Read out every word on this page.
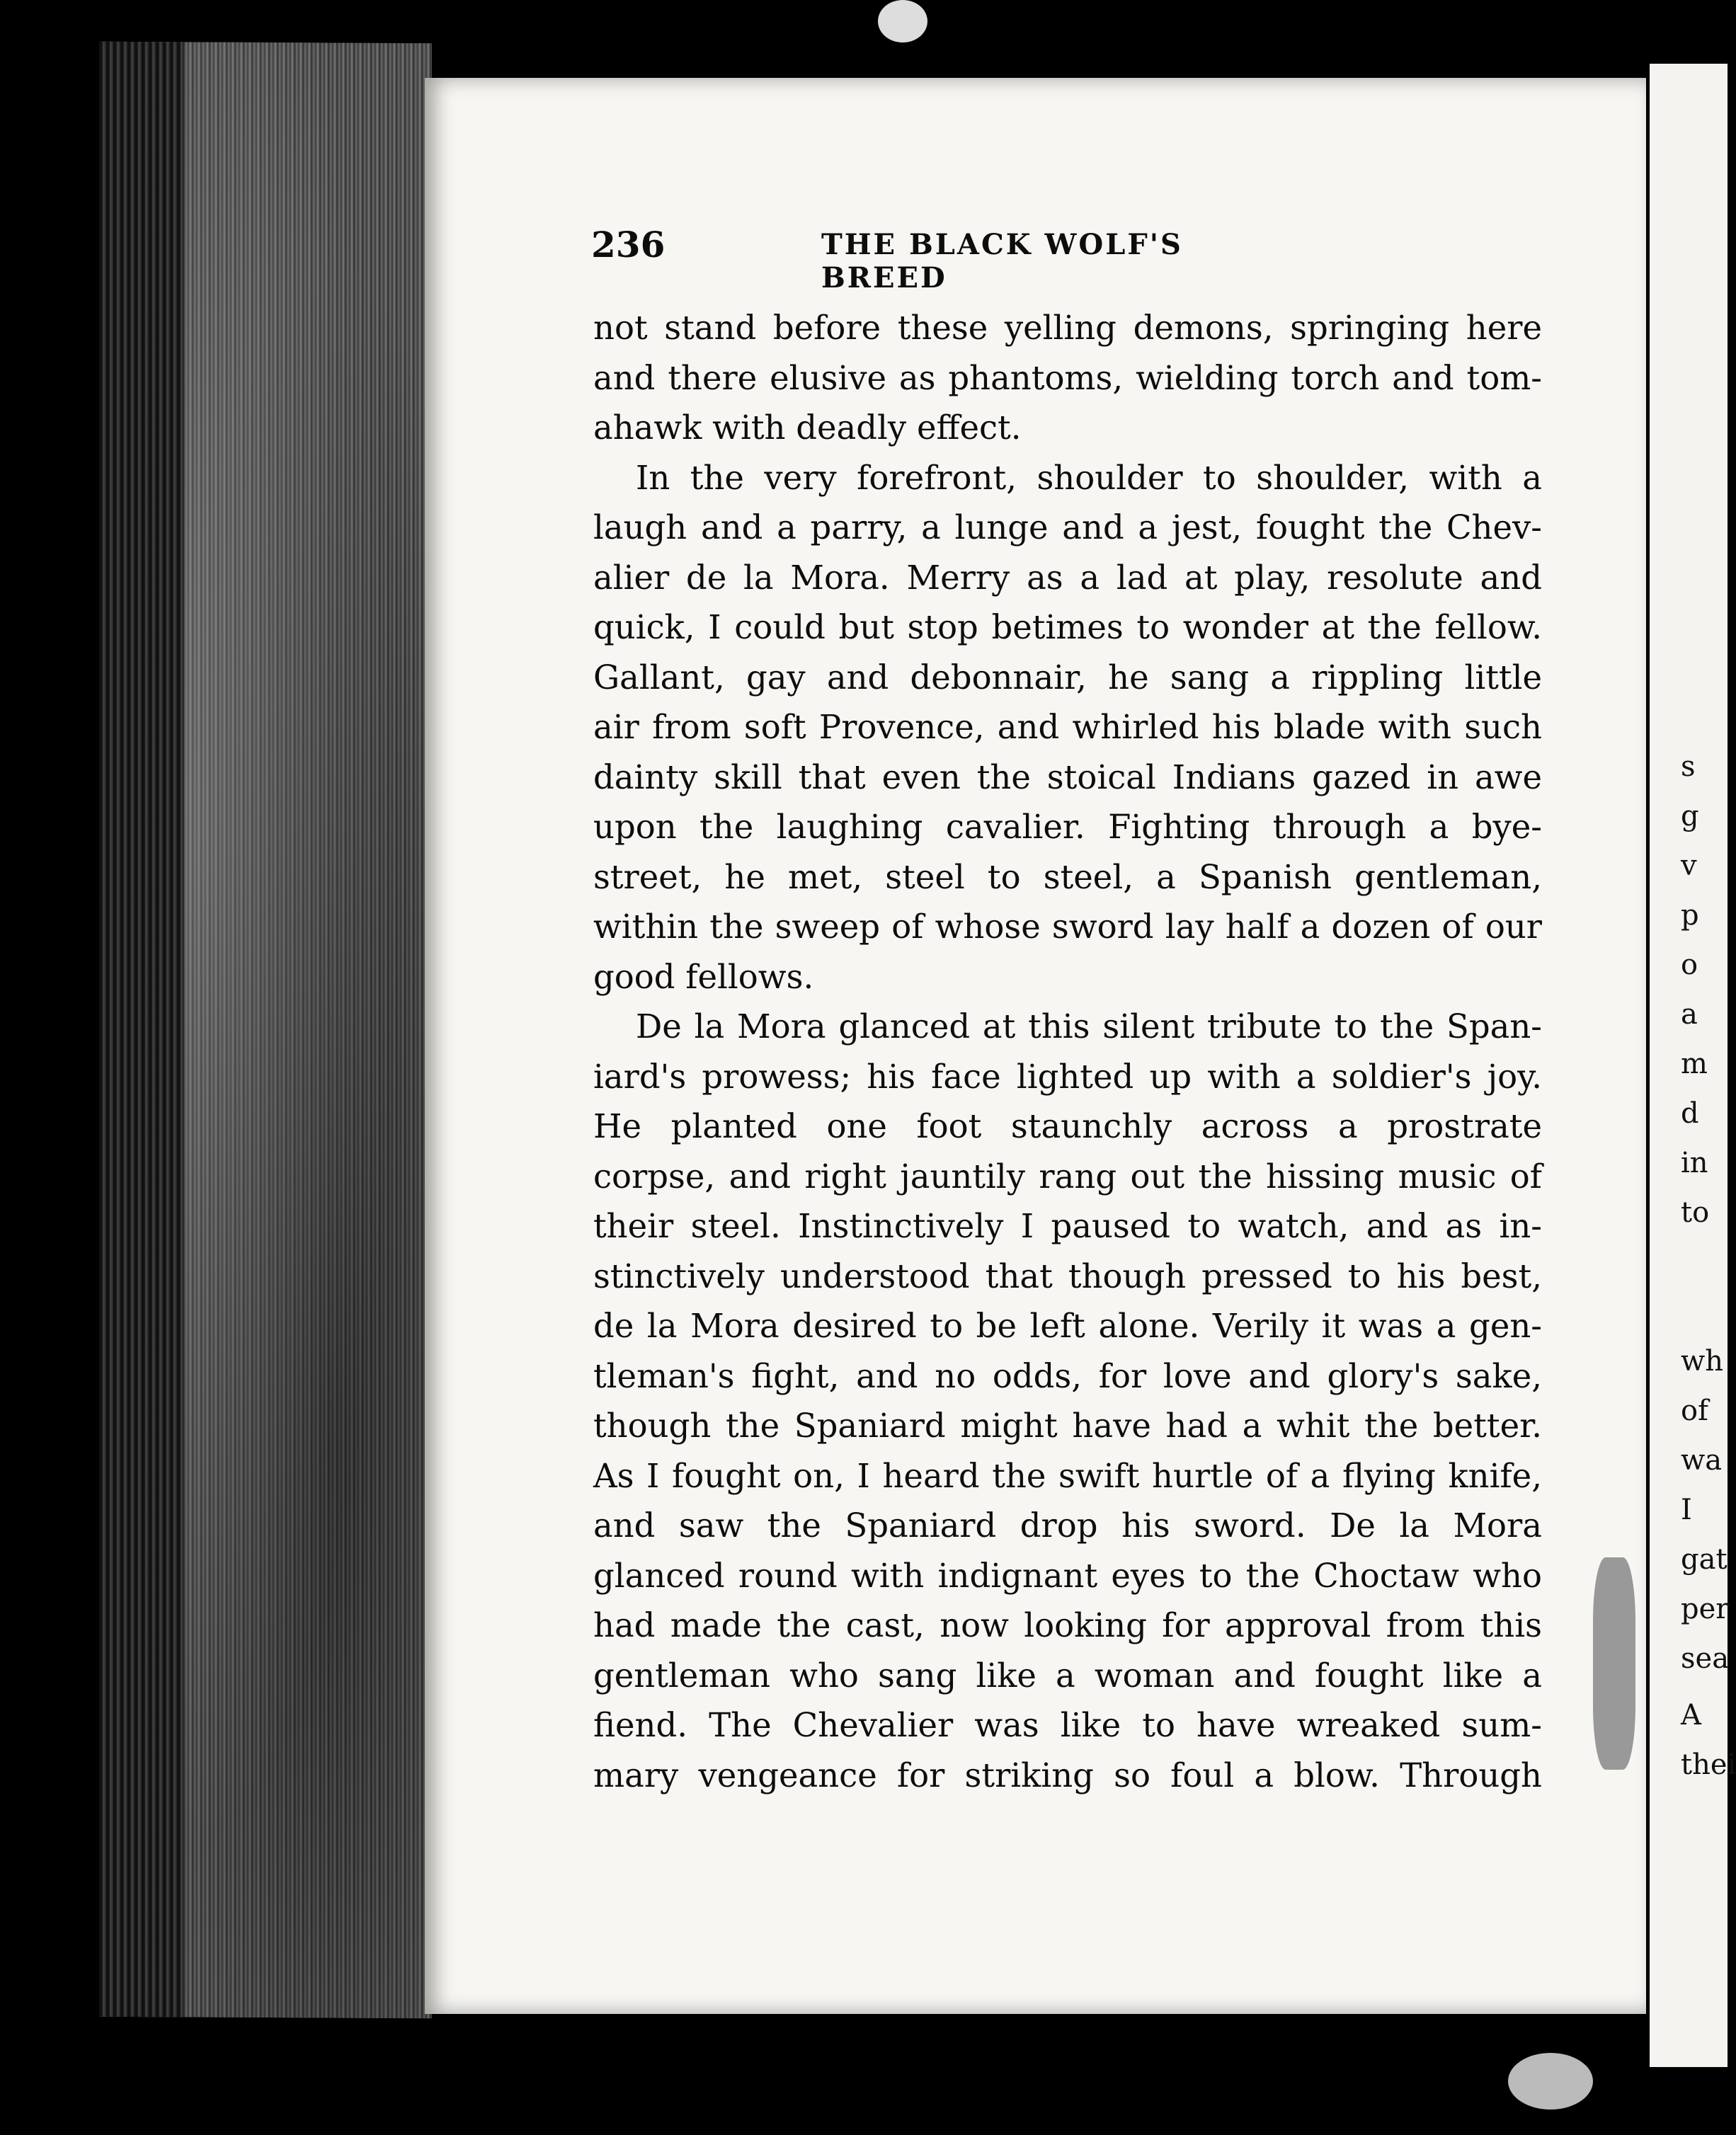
s
g
v
p
o
a
m
d
in
to
wh
of
wa
I
gat
per
sea
A
thei
236	THE BLACK WOLF'S BREED
not stand before these yelling demons, springing here
and there elusive as phantoms, wielding torch and tom-
ahawk with deadly effect.
In the very forefront, shoulder to shoulder, with a
laugh and a parry, a lunge and a jest, fought the Chev-
alier de la Mora. Merry as a lad at play, resolute and
quick, I could but stop betimes to wonder at the fellow.
Gallant, gay and debonnair, he sang a rippling little
air from soft Provence, and whirled his blade with such
dainty skill that even the stoical Indians gazed in awe
upon the laughing cavalier. Fighting through a bye-
street, he met, steel to steel, a Spanish gentleman,
within the sweep of whose sword lay half a dozen of our
good fellows.
De la Mora glanced at this silent tribute to the Span-
iard's prowess; his face lighted up with a soldier's joy.
He planted one foot staunchly across a prostrate
corpse, and right jauntily rang out the hissing music of
their steel. Instinctively I paused to watch, and as in-
stinctively understood that though pressed to his best,
de la Mora desired to be left alone. Verily it was a gen-
tleman's fight, and no odds, for love and glory's sake,
though the Spaniard might have had a whit the better.
As I fought on, I heard the swift hurtle of a flying knife,
and saw the Spaniard drop his sword. De la Mora
glanced round with indignant eyes to the Choctaw who
had made the cast, now looking for approval from this
gentleman who sang like a woman and fought like a
fiend. The Chevalier was like to have wreaked sum-
mary vengeance for striking so foul a blow. Through
